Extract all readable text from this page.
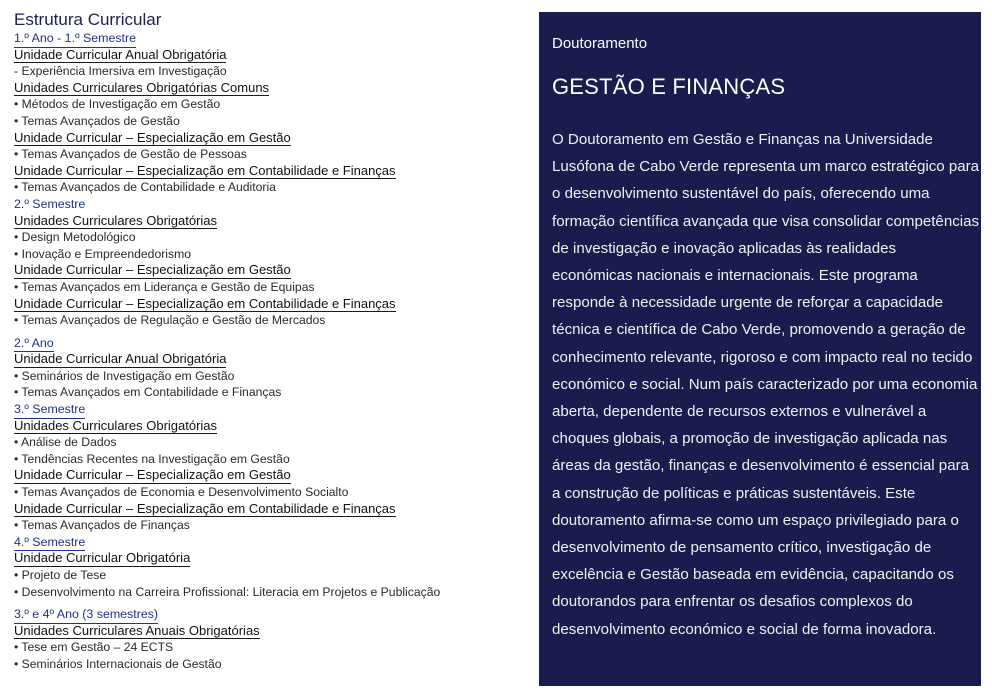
Estrutura Curricular
1.º Ano - 1.º Semestre
Unidade Curricular Anual Obrigatória
- Experiência Imersiva em Investigação
Unidades Curriculares Obrigatórias Comuns
• Métodos de Investigação em Gestão
• Temas Avançados de Gestão
Unidade Curricular – Especialização em Gestão
• Temas Avançados de Gestão de Pessoas
Unidade Curricular – Especialização em Contabilidade e Finanças
• Temas Avançados de Contabilidade e Auditoria
2.º Semestre
Unidades Curriculares Obrigatórias
• Design Metodológico
• Inovação e Empreendedorismo
Unidade Curricular – Especialização em Gestão
• Temas Avançados em Liderança e Gestão de Equipas
Unidade Curricular – Especialização em Contabilidade e Finanças
• Temas Avançados de Regulação e Gestão de Mercados
2.º Ano
Unidade Curricular Anual Obrigatória
• Seminários de Investigação em Gestão
• Temas Avançados em Contabilidade e Finanças
3.º Semestre
Unidades Curriculares Obrigatórias
• Análise de Dados
• Tendências Recentes na Investigação em Gestão
Unidade Curricular – Especialização em Gestão
• Temas Avançados de Economia e Desenvolvimento Socialto
Unidade Curricular – Especialização em Contabilidade e Finanças
• Temas Avançados de Finanças
4.º Semestre
Unidade Curricular Obrigatória
• Projeto de Tese
• Desenvolvimento na Carreira Profissional: Literacia em Projetos e Publicação
3.º e 4º Ano (3 semestres)
Unidades Curriculares Anuais Obrigatórias
• Tese em Gestão – 24 ECTS
• Seminários Internacionais de Gestão
Doutoramento
GESTÃO E FINANÇAS
O Doutoramento em Gestão e Finanças na Universidade Lusófona de Cabo Verde representa um marco estratégico para o desenvolvimento sustentável do país, oferecendo uma formação científica avançada que visa consolidar competências de investigação e inovação aplicadas às realidades económicas nacionais e internacionais. Este programa responde à necessidade urgente de reforçar a capacidade técnica e científica de Cabo Verde, promovendo a geração de conhecimento relevante, rigoroso e com impacto real no tecido económico e social. Num país caracterizado por uma economia aberta, dependente de recursos externos e vulnerável a choques globais, a promoção de investigação aplicada nas áreas da gestão, finanças e desenvolvimento é essencial para a construção de políticas e práticas sustentáveis. Este doutoramento afirma-se como um espaço privilegiado para o desenvolvimento de pensamento crítico, investigação de excelência e Gestão baseada em evidência, capacitando os doutorandos para enfrentar os desafios complexos do desenvolvimento económico e social de forma inovadora.
